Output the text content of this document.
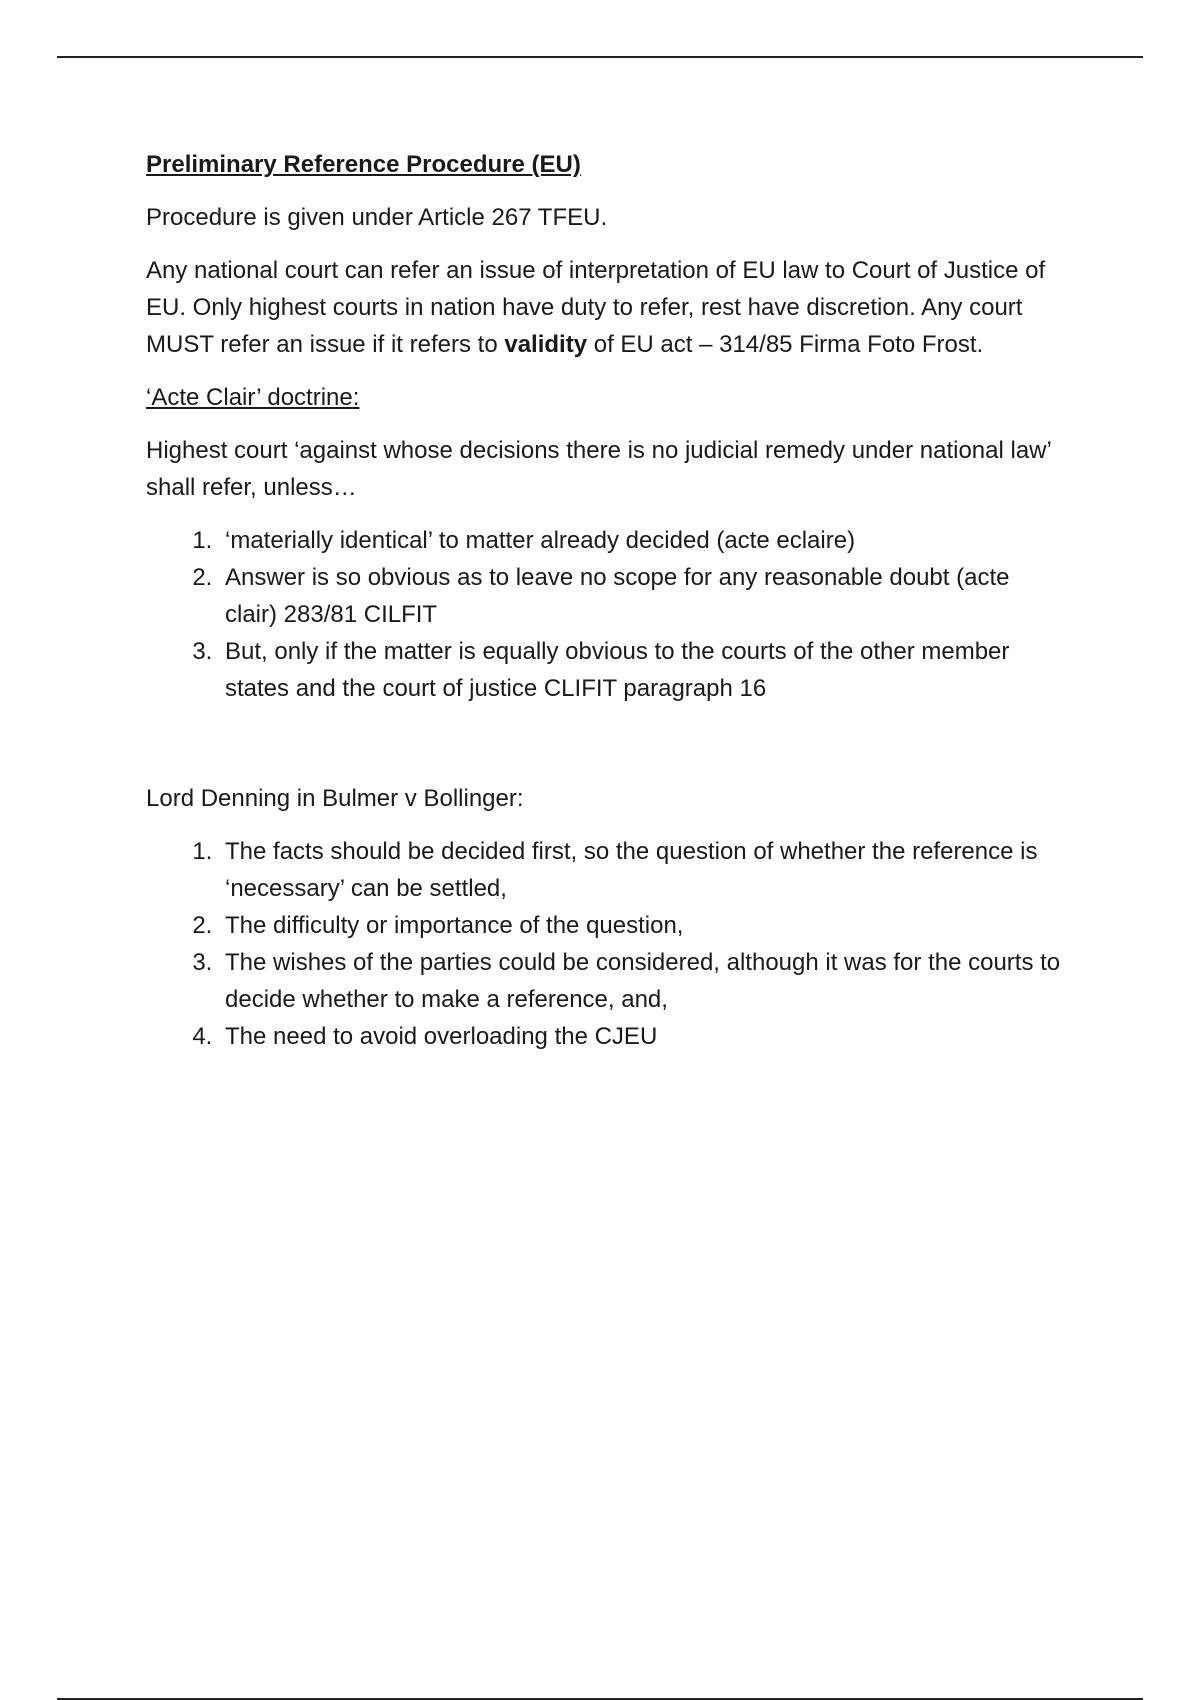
Preliminary Reference Procedure (EU)

Procedure is given under Article 267 TFEU.

Any national court can refer an issue of interpretation of EU law to Court of Justice of EU. Only highest courts in nation have duty to refer, rest have discretion. Any court MUST refer an issue if it refers to validity of EU act – 314/85 Firma Foto Frost.

‘Acte Clair’ doctrine:

Highest court ‘against whose decisions there is no judicial remedy under national law’ shall refer, unless…

1. ‘materially identical’ to matter already decided (acte eclaire)
2. Answer is so obvious as to leave no scope for any reasonable doubt (acte clair) 283/81 CILFIT
3. But, only if the matter is equally obvious to the courts of the other member states and the court of justice CLIFIT paragraph 16

Lord Denning in Bulmer v Bollinger:

1. The facts should be decided first, so the question of whether the reference is ‘necessary’ can be settled,
2. The difficulty or importance of the question,
3. The wishes of the parties could be considered, although it was for the courts to decide whether to make a reference, and,
4. The need to avoid overloading the CJEU
